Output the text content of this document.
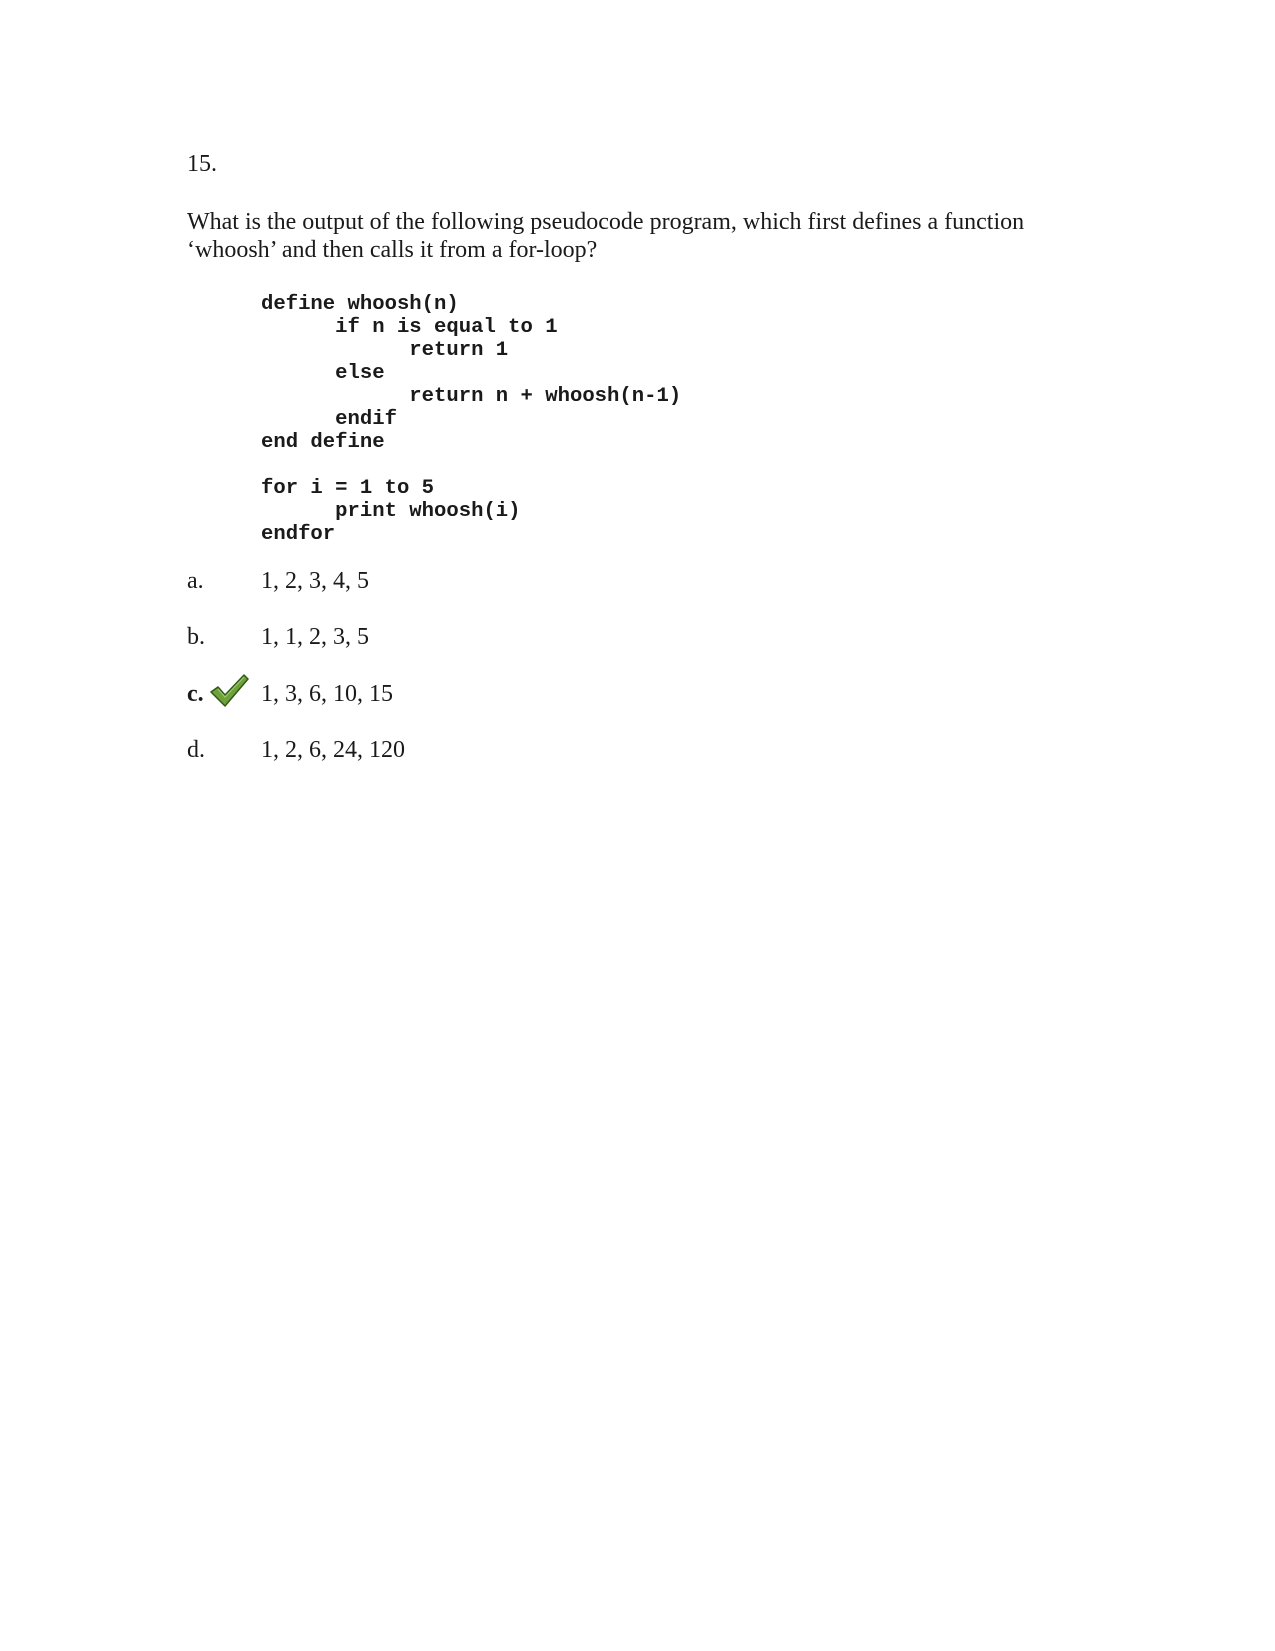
15.
What is the output of the following pseudocode program, which first defines a function
‘whoosh’ and then calls it from a for-loop?
define whoosh(n)
if n is equal to 1
return 1
else
return n + whoosh(n-1)
endif
end define
for i = 1 to 5
print whoosh(i)
endfor
a. 1, 2, 3, 4, 5
b. 1, 1, 2, 3, 5
c. 1, 3, 6, 10, 15
d. 1, 2, 6, 24, 120
